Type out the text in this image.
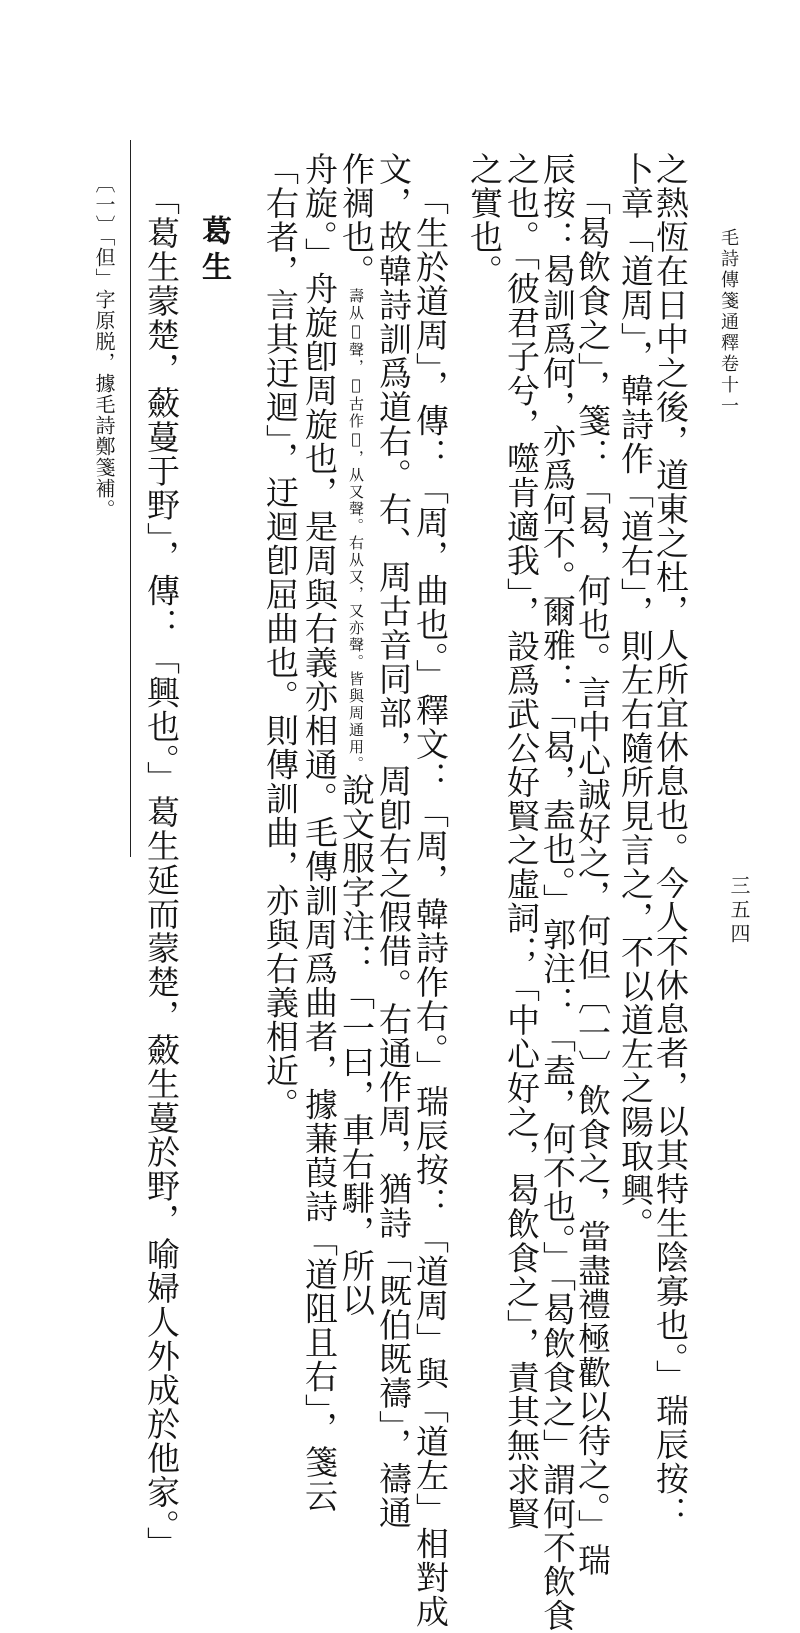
毛詩傳箋通釋卷十一
三五四
之熱恆在日中之後，道東之杜，人所宜休息也。今人不休息者，以其特生陰寡也。」瑞辰按：
卜章「道周」，韓詩作「道右」，則左右隨所見言之，不以道左之陽取興。
「曷飲食之」，箋：「曷，何也。言中心誠好之，何但〔一〕飲食之，當盡禮極歡以待之。」瑞
辰按：曷訓爲何，亦爲何不。爾雅：「曷，盍也。」郭注：「盍，何不也。」「曷飲食之」謂何不飲食
之也。「彼君子兮，噬肯適我」，設爲武公好賢之虛詞；「中心好之，曷飲食之」，責其無求賢
之實也。
「生於道周」，傳：「周，曲也。」釋文：「周，韓詩作右。」瑞辰按：「道周」與「道左」相對成
文，故韓詩訓爲道右。右、周古音同部，周卽右之假借。右通作周，猶詩「既伯既禱」，禱通
作禂也。壽从𠃬聲，𠃬古作𠙙，从又聲。右从又，又亦聲。皆與周通用。說文服字注：「一曰，車右騑，所以
舟旋。」舟旋卽周旋也，是周與右義亦相通。毛傳訓周爲曲者，據蒹葭詩「道阻且右」，箋云
「右者，言其迂迴」，迂迴卽屈曲也。則傳訓曲，亦與右義相近。
葛生
「葛生蒙楚，蘞蔓于野」，傳：「興也。」葛生延而蒙楚，蘞生蔓於野，喻婦人外成於他家。」
〔一〕「但」字原脱，據毛詩鄭箋補。
